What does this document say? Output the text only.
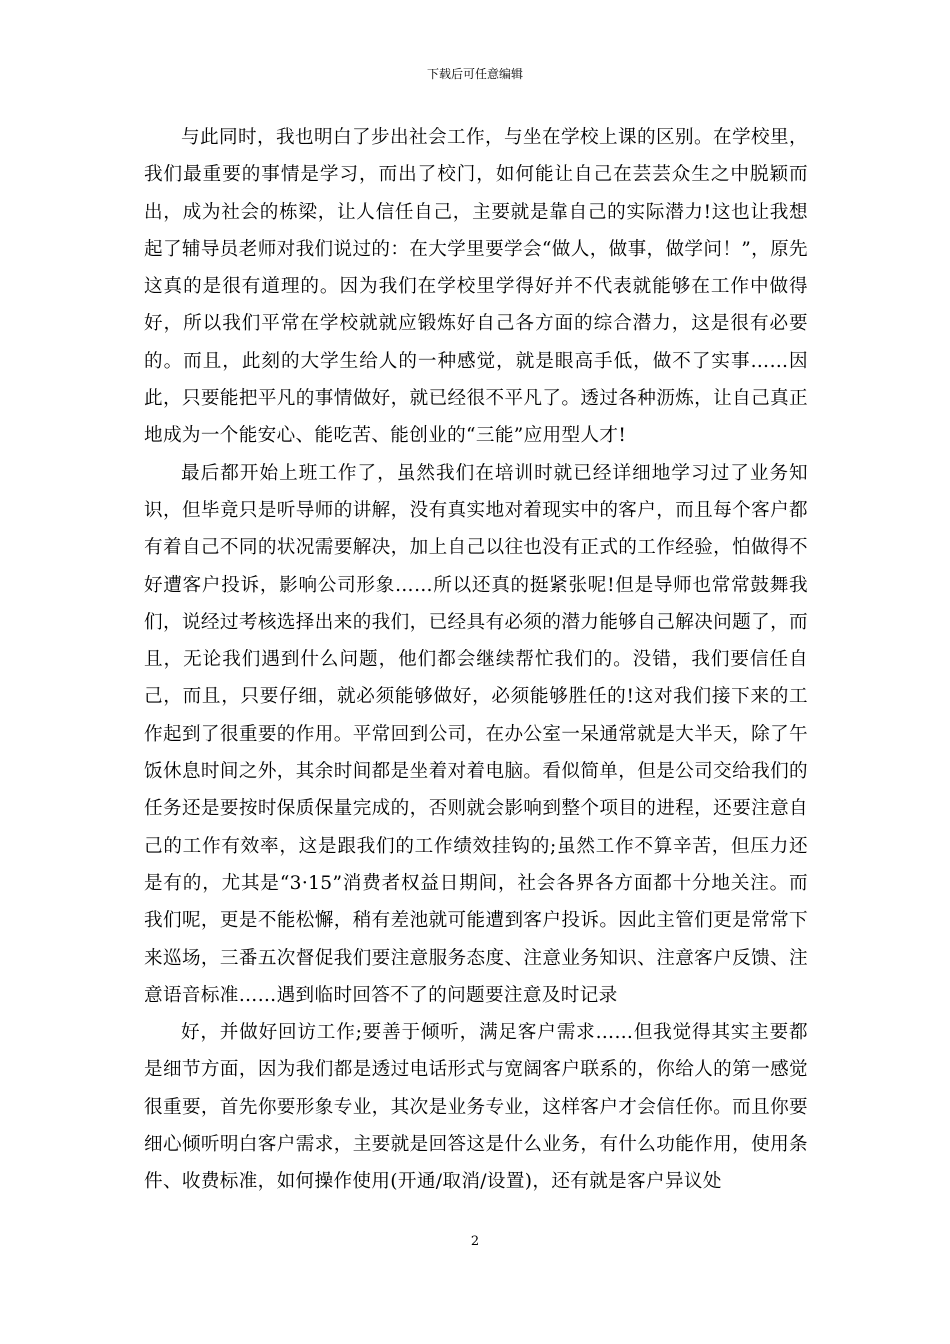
下载后可任意编辑

与此同时，我也明白了步出社会工作，与坐在学校上课的区别。在学校里，我们最重要的事情是学习，而出了校门，如何能让自己在芸芸众生之中脱颖而出，成为社会的栋梁，让人信任自己，主要就是靠自己的实际潜力!这也让我想起了辅导员老师对我们说过的：在大学里要学会“做人，做事，做学问！”，原先这真的是很有道理的。因为我们在学校里学得好并不代表就能够在工作中做得好，所以我们平常在学校就就应锻炼好自己各方面的综合潜力，这是很有必要的。而且，此刻的大学生给人的一种感觉，就是眼高手低，做不了实事……因此，只要能把平凡的事情做好，就已经很不平凡了。透过各种沥炼，让自己真正地成为一个能安心、能吃苦、能创业的“三能”应用型人才!

最后都开始上班工作了，虽然我们在培训时就已经详细地学习过了业务知识，但毕竟只是听导师的讲解，没有真实地对着现实中的客户，而且每个客户都有着自己不同的状况需要解决，加上自己以往也没有正式的工作经验，怕做得不好遭客户投诉，影响公司形象……所以还真的挺紧张呢!但是导师也常常鼓舞我们，说经过考核选择出来的我们，已经具有必须的潜力能够自己解决问题了，而且，无论我们遇到什么问题，他们都会继续帮忙我们的。没错，我们要信任自己，而且，只要仔细，就必须能够做好，必须能够胜任的!这对我们接下来的工作起到了很重要的作用。平常回到公司，在办公室一呆通常就是大半天，除了午饭休息时间之外，其余时间都是坐着对着电脑。看似简单，但是公司交给我们的任务还是要按时保质保量完成的，否则就会影响到整个项目的进程，还要注意自己的工作有效率，这是跟我们的工作绩效挂钩的;虽然工作不算辛苦，但压力还是有的，尤其是“3·15”消费者权益日期间，社会各界各方面都十分地关注。而我们呢，更是不能松懈，稍有差池就可能遭到客户投诉。因此主管们更是常常下来巡场，三番五次督促我们要注意服务态度、注意业务知识、注意客户反馈、注意语音标准……遇到临时回答不了的问题要注意及时记录

好，并做好回访工作;要善于倾听，满足客户需求……但我觉得其实主要都是细节方面，因为我们都是透过电话形式与宽阔客户联系的，你给人的第一感觉很重要，首先你要形象专业，其次是业务专业，这样客户才会信任你。而且你要细心倾听明白客户需求，主要就是回答这是什么业务，有什么功能作用，使用条件、收费标准，如何操作使用(开通/取消/设置)，还有就是客户异议处

2
